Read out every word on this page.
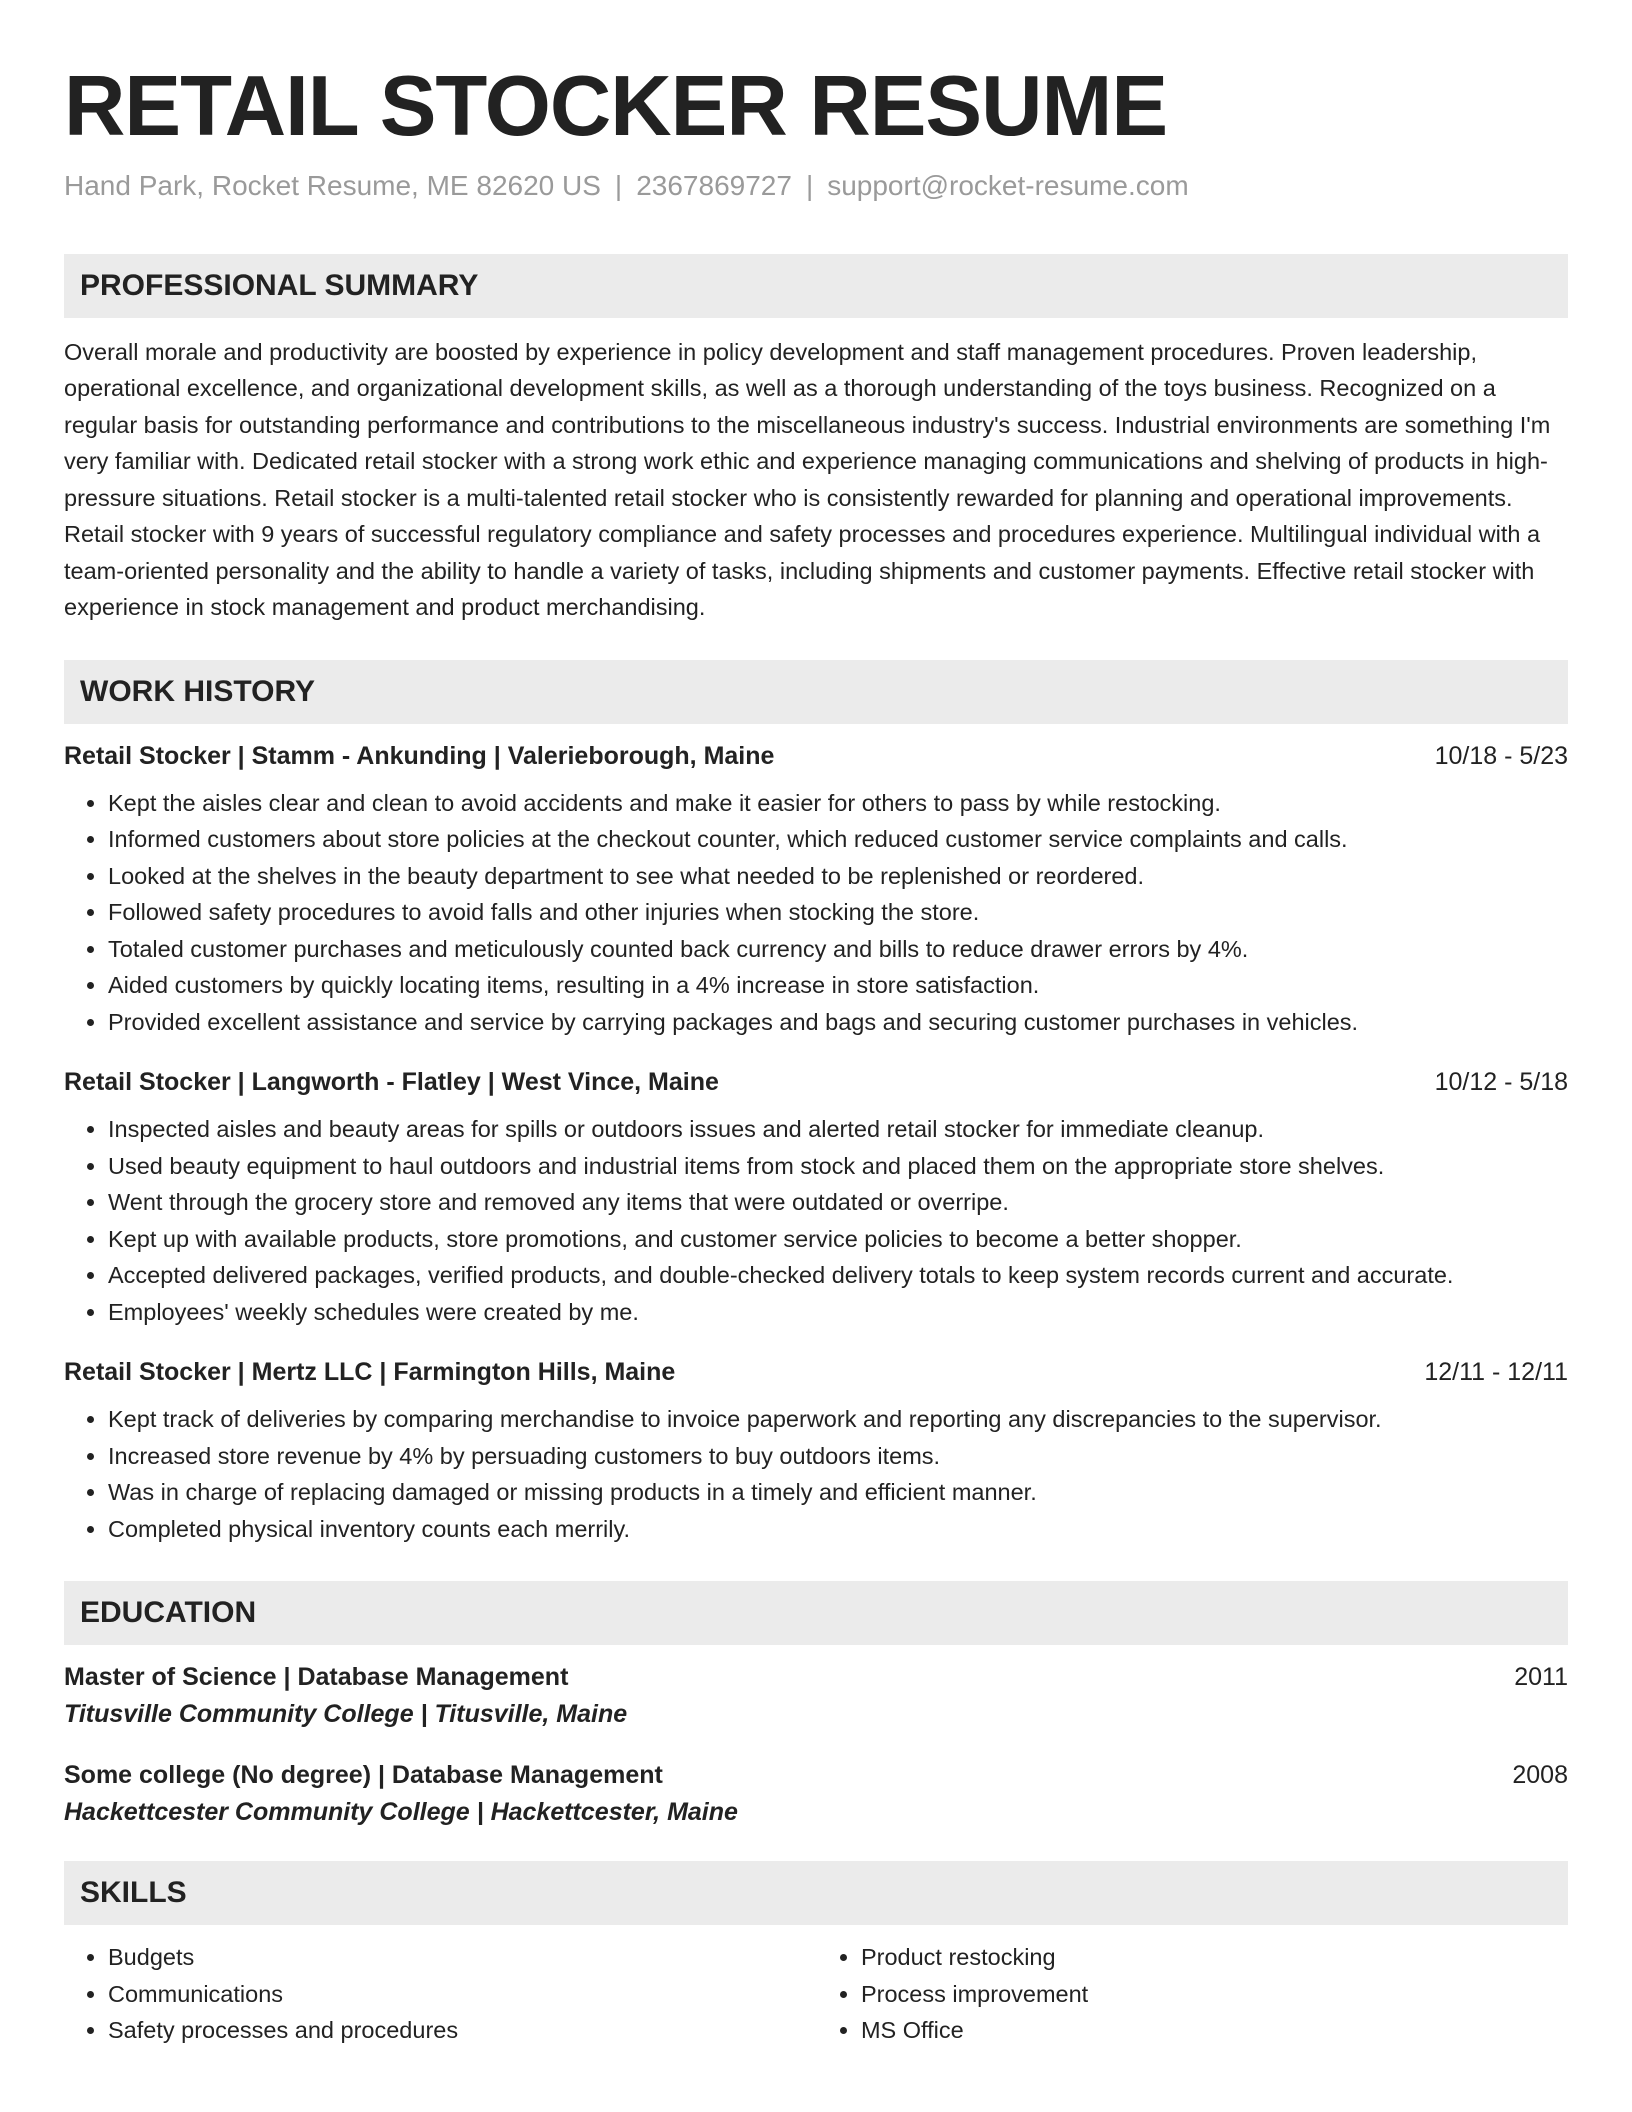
RETAIL STOCKER RESUME
Hand Park, Rocket Resume, ME 82620 US | 2367869727 | support@rocket-resume.com
PROFESSIONAL SUMMARY
Overall morale and productivity are boosted by experience in policy development and staff management procedures. Proven leadership, operational excellence, and organizational development skills, as well as a thorough understanding of the toys business. Recognized on a regular basis for outstanding performance and contributions to the miscellaneous industry's success. Industrial environments are something I'm very familiar with. Dedicated retail stocker with a strong work ethic and experience managing communications and shelving of products in high-pressure situations. Retail stocker is a multi-talented retail stocker who is consistently rewarded for planning and operational improvements. Retail stocker with 9 years of successful regulatory compliance and safety processes and procedures experience. Multilingual individual with a team-oriented personality and the ability to handle a variety of tasks, including shipments and customer payments. Effective retail stocker with experience in stock management and product merchandising.
WORK HISTORY
Retail Stocker | Stamm - Ankunding | Valerieborough, Maine	10/18 - 5/23
• Kept the aisles clear and clean to avoid accidents and make it easier for others to pass by while restocking.
• Informed customers about store policies at the checkout counter, which reduced customer service complaints and calls.
• Looked at the shelves in the beauty department to see what needed to be replenished or reordered.
• Followed safety procedures to avoid falls and other injuries when stocking the store.
• Totaled customer purchases and meticulously counted back currency and bills to reduce drawer errors by 4%.
• Aided customers by quickly locating items, resulting in a 4% increase in store satisfaction.
• Provided excellent assistance and service by carrying packages and bags and securing customer purchases in vehicles.
Retail Stocker | Langworth - Flatley | West Vince, Maine	10/12 - 5/18
• Inspected aisles and beauty areas for spills or outdoors issues and alerted retail stocker for immediate cleanup.
• Used beauty equipment to haul outdoors and industrial items from stock and placed them on the appropriate store shelves.
• Went through the grocery store and removed any items that were outdated or overripe.
• Kept up with available products, store promotions, and customer service policies to become a better shopper.
• Accepted delivered packages, verified products, and double-checked delivery totals to keep system records current and accurate.
• Employees' weekly schedules were created by me.
Retail Stocker | Mertz LLC | Farmington Hills, Maine	12/11 - 12/11
• Kept track of deliveries by comparing merchandise to invoice paperwork and reporting any discrepancies to the supervisor.
• Increased store revenue by 4% by persuading customers to buy outdoors items.
• Was in charge of replacing damaged or missing products in a timely and efficient manner.
• Completed physical inventory counts each merrily.
EDUCATION
Master of Science | Database Management	2011
Titusville Community College | Titusville, Maine
Some college (No degree) | Database Management	2008
Hackettcester Community College | Hackettcester, Maine
SKILLS
• Budgets
• Communications
• Safety processes and procedures
• Product restocking
• Process improvement
• MS Office
